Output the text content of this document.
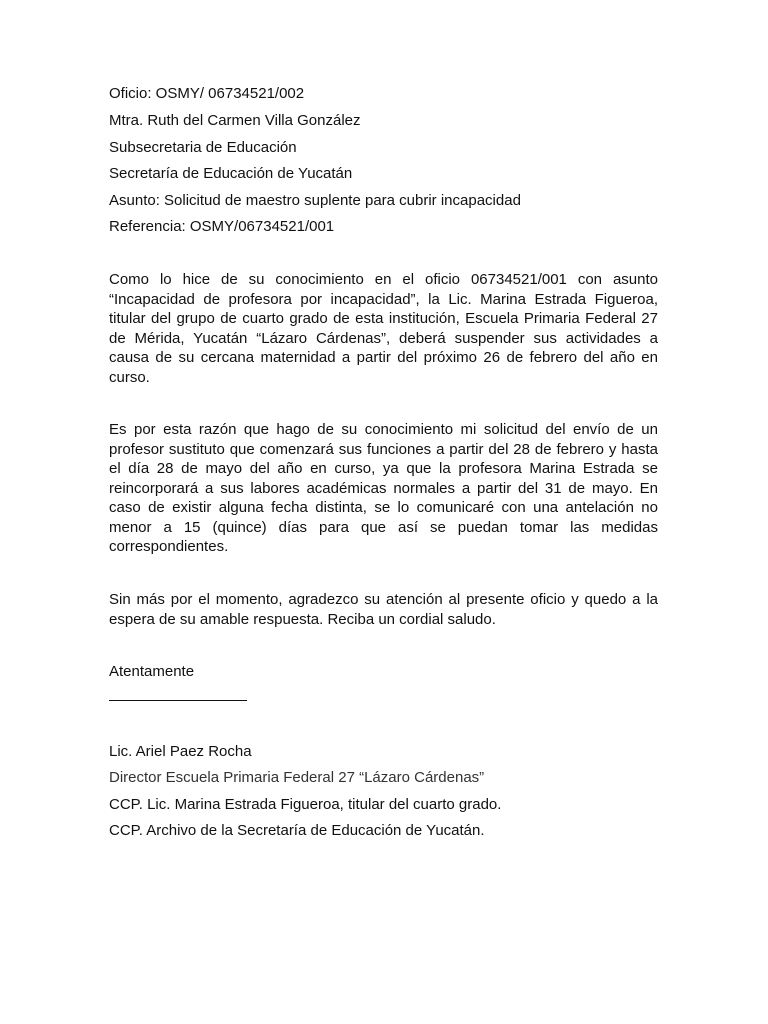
Oficio: OSMY/ 06734521/002
Mtra. Ruth del Carmen Villa González
Subsecretaria de Educación
Secretaría de Educación de Yucatán
Asunto: Solicitud de maestro suplente para cubrir incapacidad
Referencia: OSMY/06734521/001

Como lo hice de su conocimiento en el oficio 06734521/001 con asunto “Incapacidad de profesora por incapacidad”, la Lic. Marina Estrada Figueroa, titular del grupo de cuarto grado de esta institución, Escuela Primaria Federal 27 de Mérida, Yucatán “Lázaro Cárdenas”, deberá suspender sus actividades a causa de su cercana maternidad a partir del próximo 26 de febrero del año en curso.

Es por esta razón que hago de su conocimiento mi solicitud del envío de un profesor sustituto que comenzará sus funciones a partir del 28 de febrero y hasta el día 28 de mayo del año en curso, ya que la profesora Marina Estrada se reincorporará a sus labores académicas normales a partir del 31 de mayo. En caso de existir alguna fecha distinta, se lo comunicaré con una antelación no menor a 15 (quince) días para que así se puedan tomar las medidas correspondientes.

Sin más por el momento, agradezco su atención al presente oficio y quedo a la espera de su amable respuesta. Reciba un cordial saludo.

Atentamente
Lic. Ariel Paez Rocha
Director Escuela Primaria Federal 27 “Lázaro Cárdenas”
CCP. Lic. Marina Estrada Figueroa, titular del cuarto grado.
CCP. Archivo de la Secretaría de Educación de Yucatán.
